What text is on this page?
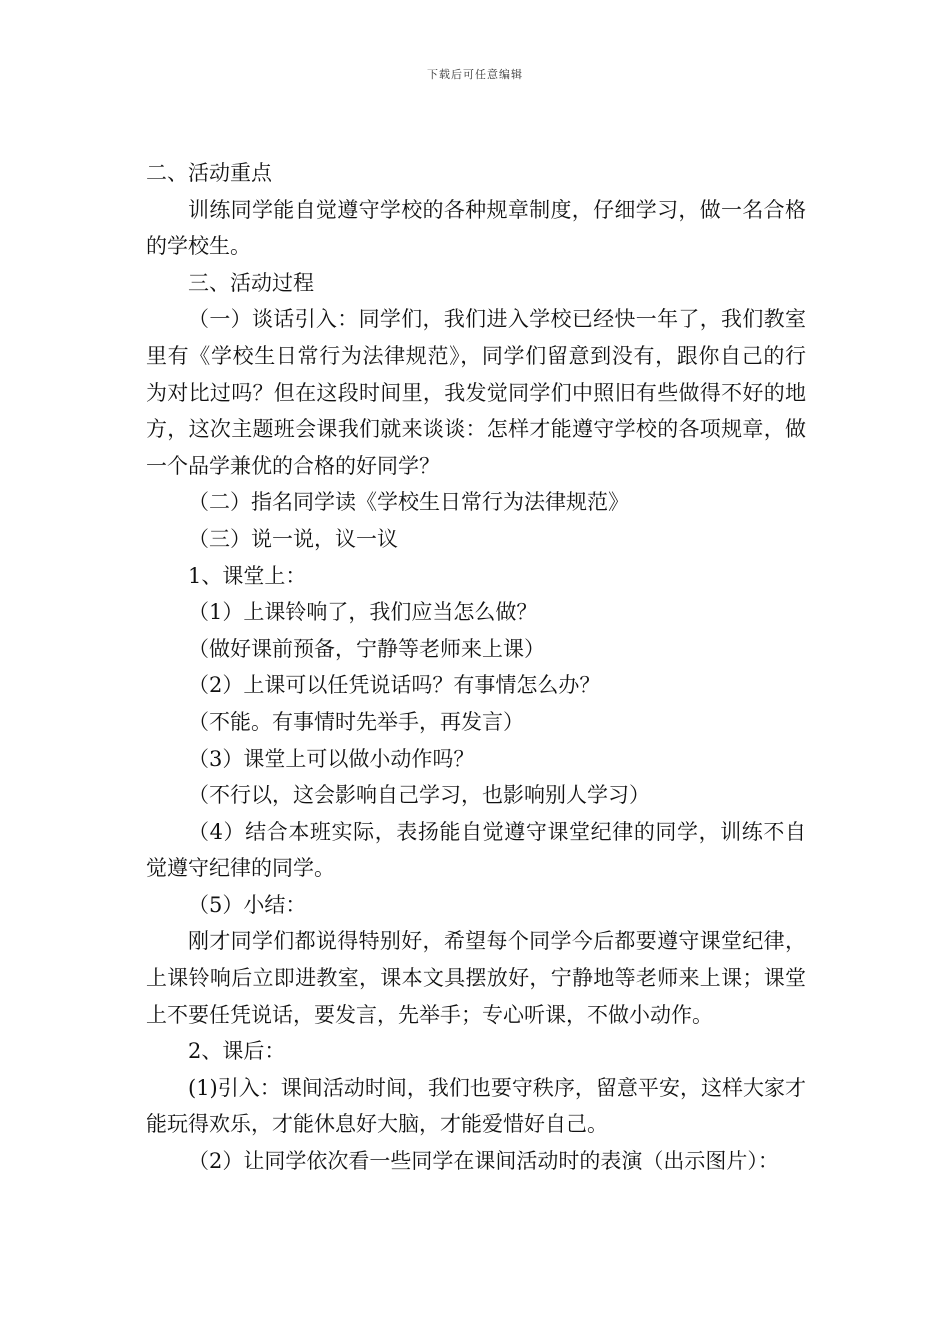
下载后可任意编辑

二、活动重点

训练同学能自觉遵守学校的各种规章制度，仔细学习，做一名合格的学校生。

三、活动过程

（一）谈话引入：同学们，我们进入学校已经快一年了，我们教室里有《学校生日常行为法律规范》，同学们留意到没有，跟你自己的行为对比过吗？但在这段时间里，我发觉同学们中照旧有些做得不好的地方，这次主题班会课我们就来谈谈：怎样才能遵守学校的各项规章，做一个品学兼优的合格的好同学？

（二）指名同学读《学校生日常行为法律规范》

（三）说一说，议一议

1、课堂上：

（1）上课铃响了，我们应当怎么做？

（做好课前预备，宁静等老师来上课）

（2）上课可以任凭说话吗？有事情怎么办？

（不能。有事情时先举手，再发言）

（3）课堂上可以做小动作吗？

（不行以，这会影响自己学习，也影响别人学习）

（4）结合本班实际，表扬能自觉遵守课堂纪律的同学，训练不自觉遵守纪律的同学。

（5）小结：

刚才同学们都说得特别好，希望每个同学今后都要遵守课堂纪律，上课铃响后立即进教室，课本文具摆放好，宁静地等老师来上课；课堂上不要任凭说话，要发言，先举手；专心听课，不做小动作。

2、课后：

(1)引入：课间活动时间，我们也要守秩序，留意平安，这样大家才能玩得欢乐，才能休息好大脑，才能爱惜好自己。

（2）让同学依次看一些同学在课间活动时的表演（出示图片）：
